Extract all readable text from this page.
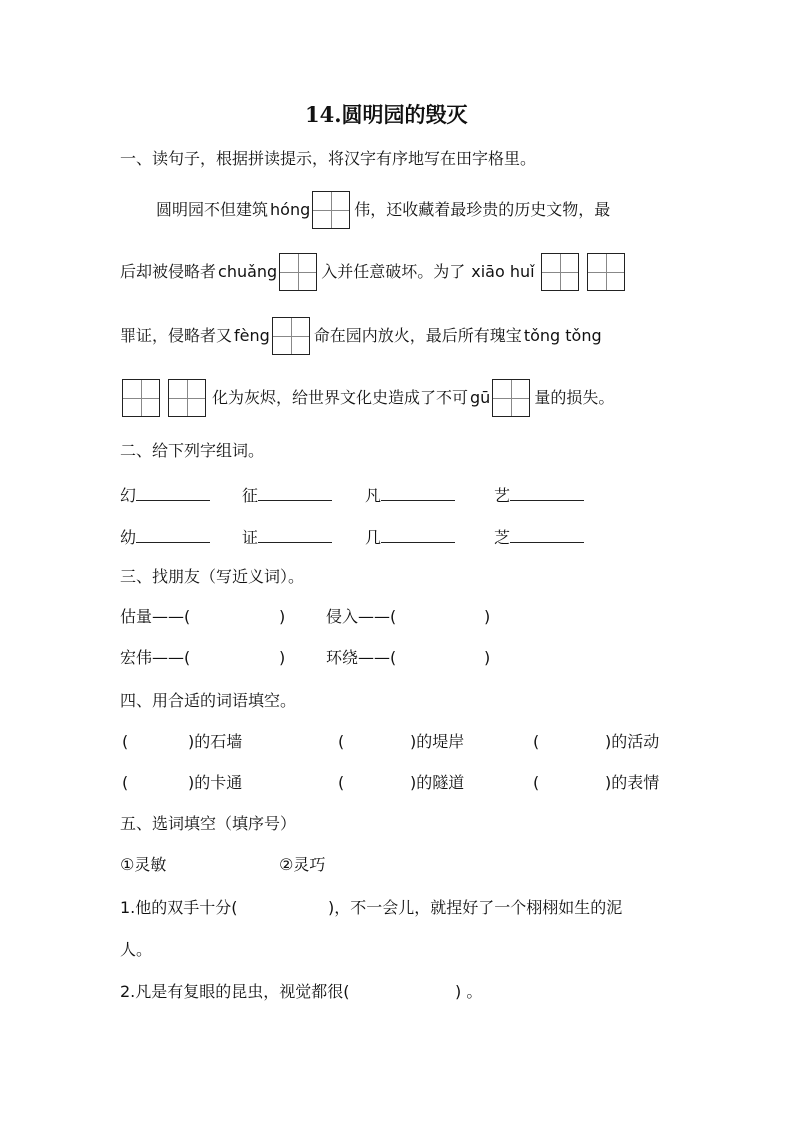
14.圆明园的毁灭
一、读句子，根据拼读提示，将汉字有序地写在田字格里。
圆明园不但建筑 hóng	伟，还收藏着最珍贵的历史文物，最
后却被侵略者 chuǎng	入并任意破坏。为了 xiāo huǐ
罪证，侵略者又 fèng	命在园内放火，最后所有瑰宝 tǒng tǒng
化为灰烬，给世界文化史造成了不可 gū	量的损失。
二、给下列字组词。
幻	征	凡	艺
幼	证	几	芝
三、找朋友（写近义词）。
估量——(	)	侵入——(	)
宏伟——(	)	环绕——(	)
四、用合适的词语填空。
(	)的石墙	(	)的堤岸	(	)的活动
(	)的卡通	(	)的隧道	(	)的表情
五、选词填空（填序号）
①灵敏	②灵巧
1.他的双手十分(	)，不一会儿，就捏好了一个栩栩如生的泥
人。
2.凡是有复眼的昆虫，视觉都很(	) 。
